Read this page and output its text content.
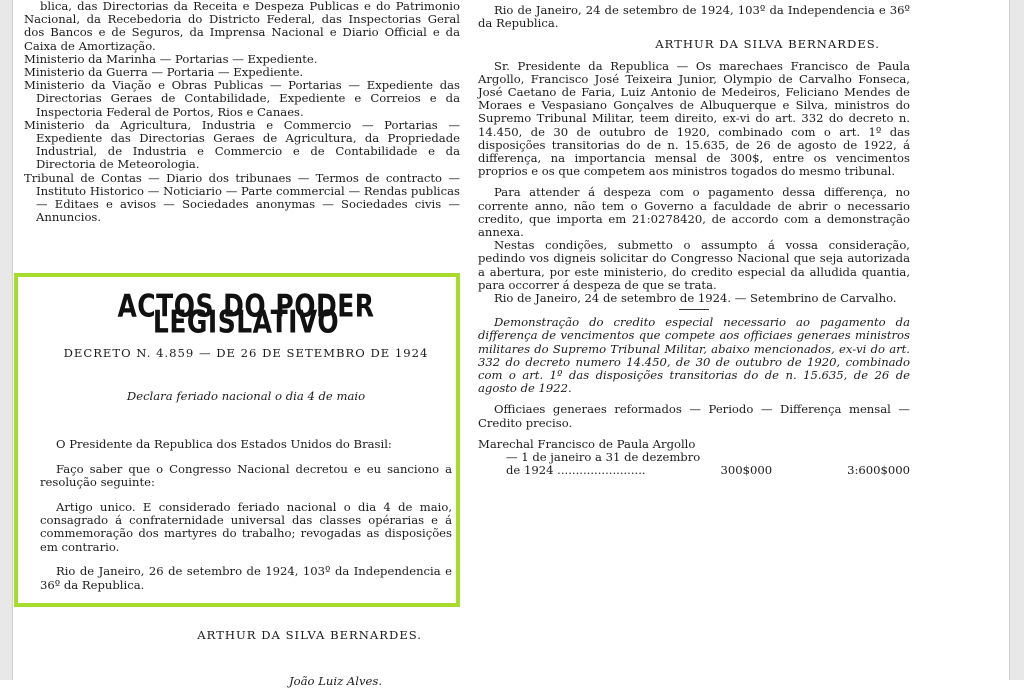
blica, das Directorias da Receita e Despeza Publicas e do Patrimonio Nacional, da Recebedoria do Districto Federal, das Inspectorias Geral dos Bancos e de Seguros, da Imprensa Nacional e Diario Official e da Caixa de Amortização.

Ministerio da Marinha — Portarias — Expediente.

Ministerio da Guerra — Portaria — Expediente.

Ministerio da Viação e Obras Publicas — Portarias — Expediente das Directorias Geraes de Contabilidade, Expediente e Correios e da Inspectoria Federal de Portos, Rios e Canaes.

Ministerio da Agricultura, Industria e Commercio — Portarias — Expediente das Directorias Geraes de Agricultura, da Propriedade Industrial, de Industria e Commercio e de Contabilidade e da Directoria de Meteorologia.

Tribunal de Contas — Diario dos tribunaes — Termos de contracto — Instituto Historico — Noticiario — Parte commercial — Rendas publicas — Editaes e avisos — Sociedades anonymas — Sociedades civis — Annuncios.

ACTOS DO PODER LEGISLATIVO

DECRETO N. 4.859 — DE 26 DE SETEMBRO DE 1924

Declara feriado nacional o dia 4 de maio

O Presidente da Republica dos Estados Unidos do Brasil:

Faço saber que o Congresso Nacional decretou e eu sanciono a resolução seguinte:

Artigo unico. E considerado feriado nacional o dia 4 de maio, consagrado á confraternidade universal das classes opérarias e á commemoração dos martyres do trabalho; revogadas as disposições em contrario.

Rio de Janeiro, 26 de setembro de 1924, 103º da Independencia e 36º da Republica.

ARTHUR DA SILVA BERNARDES.

João Luiz Alves.

Rio de Janeiro, 24 de setembro de 1924, 103º da Independencia e 36º da Republica.

ARTHUR DA SILVA BERNARDES.

Sr. Presidente da Republica — Os marechaes Francisco de Paula Argollo, Francisco José Teixeira Junior, Olympio de Carvalho Fonseca, José Caetano de Faria, Luiz Antonio de Medeiros, Feliciano Mendes de Moraes e Vespasiano Gonçalves de Albuquerque e Silva, ministros do Supremo Tribunal Militar, teem direito, ex-vi do art. 332 do decreto n. 14.450, de 30 de outubro de 1920, combinado com o art. 1º das disposições transitorias do de n. 15.635, de 26 de agosto de 1922, á differença, na importancia mensal de 300$, entre os vencimentos proprios e os que competem aos ministros togados do mesmo tribunal.

Para attender á despeza com o pagamento dessa differença, no corrente anno, não tem o Governo a faculdade de abrir o necessario credito, que importa em 21:0278420, de accordo com a demonstração annexa.

Nestas condições, submetto o assumpto á vossa consideração, pedindo vos digneis solicitar do Congresso Nacional que seja autorizada a abertura, por este ministerio, do credito especial da alludida quantia, para occorrer á despeza de que se trata.

Rio de Janeiro, 24 de setembro de 1924. — Setembrino de Carvalho.

Demonstração do credito especial necessario ao pagamento da differença de vencimentos que compete aos officiaes generaes ministros militares do Supremo Tribunal Militar, abaixo mencionados, ex-vi do art. 332 do decreto numero 14.450, de 30 de outubro de 1920, combinado com o art. 1º das disposições transitorias do de n. 15.635, de 26 de agosto de 1922.

Officiaes generaes reformados — Periodo — Differença mensal — Credito preciso.

Marechal Francisco de Paula Argollo

— 1 de janeiro a 31 de dezembro

de 1924 ........................	300$000	3:600$000
